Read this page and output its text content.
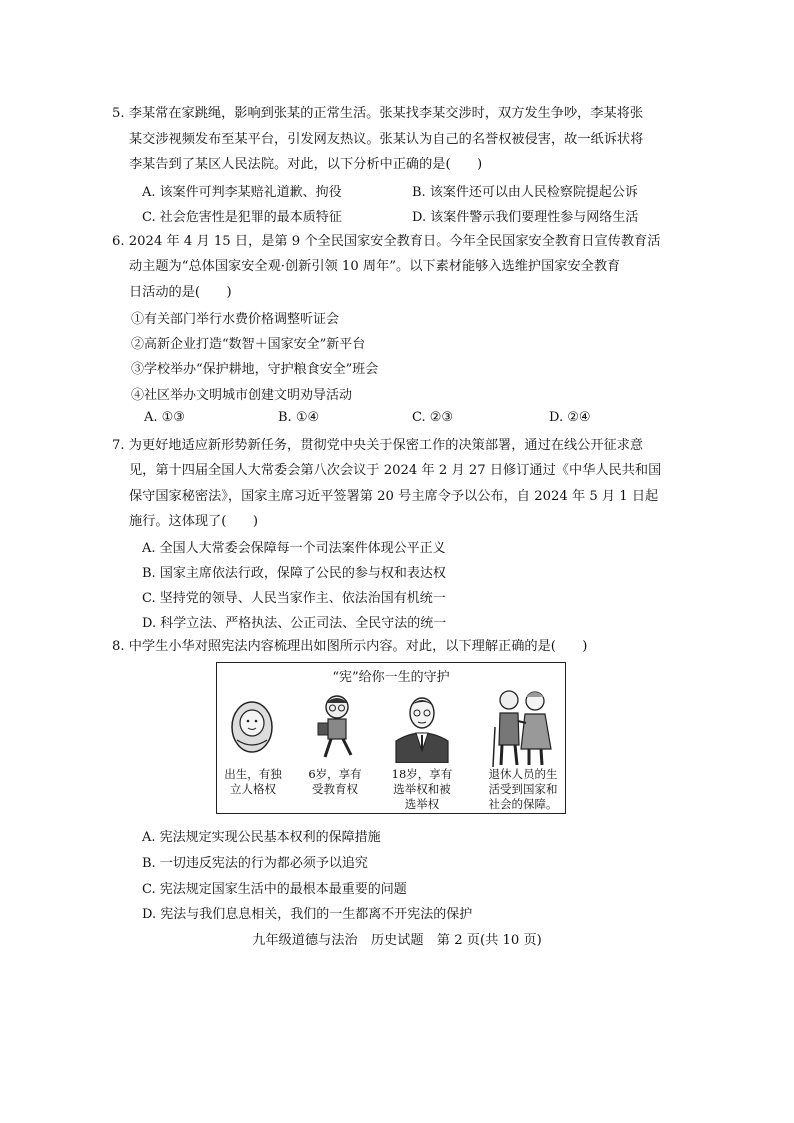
5. 李某常在家跳绳，影响到张某的正常生活。张某找李某交涉时，双方发生争吵，李某将张
某交涉视频发布至某平台，引发网友热议。张某认为自己的名誉权被侵害，故一纸诉状将
李某告到了某区人民法院。对此，以下分析中正确的是(　　)
A. 该案件可判李某赔礼道歉、拘役	B. 该案件还可以由人民检察院提起公诉
C. 社会危害性是犯罪的最本质特征	D. 该案件警示我们要理性参与网络生活
6. 2024 年 4 月 15 日，是第 9 个全民国家安全教育日。今年全民国家安全教育日宣传教育活
动主题为“总体国家安全观·创新引领 10 周年”。以下素材能够入选维护国家安全教育
日活动的是(　　)
①有关部门举行水费价格调整听证会
②高新企业打造“数智＋国家安全”新平台
③学校举办“保护耕地，守护粮食安全”班会
④社区举办文明城市创建文明劝导活动
A. ①③	B. ①④	C. ②③	D. ②④
7. 为更好地适应新形势新任务，贯彻党中央关于保密工作的决策部署，通过在线公开征求意
见，第十四届全国人大常委会第八次会议于 2024 年 2 月 27 日修订通过《中华人民共和国
保守国家秘密法》，国家主席习近平签署第 20 号主席令予以公布，自 2024 年 5 月 1 日起
施行。这体现了(　　)
A. 全国人大常委会保障每一个司法案件体现公平正义
B. 国家主席依法行政，保障了公民的参与权和表达权
C. 坚持党的领导、人民当家作主、依法治国有机统一
D. 科学立法、严格执法、公正司法、全民守法的统一
8. 中学生小华对照宪法内容梳理出如图所示内容。对此，以下理解正确的是(　　)
“宪”给你一生的守护
出生，有独
立人格权
6岁，享有
受教育权
18岁，享有
选举权和被
选举权
退休人员的生
活受到国家和
社会的保障。
A. 宪法规定实现公民基本权利的保障措施
B. 一切违反宪法的行为都必须予以追究
C. 宪法规定国家生活中的最根本最重要的问题
D. 宪法与我们息息相关，我们的一生都离不开宪法的保护
九年级道德与法治　历史试题　第 2 页(共 10 页)
